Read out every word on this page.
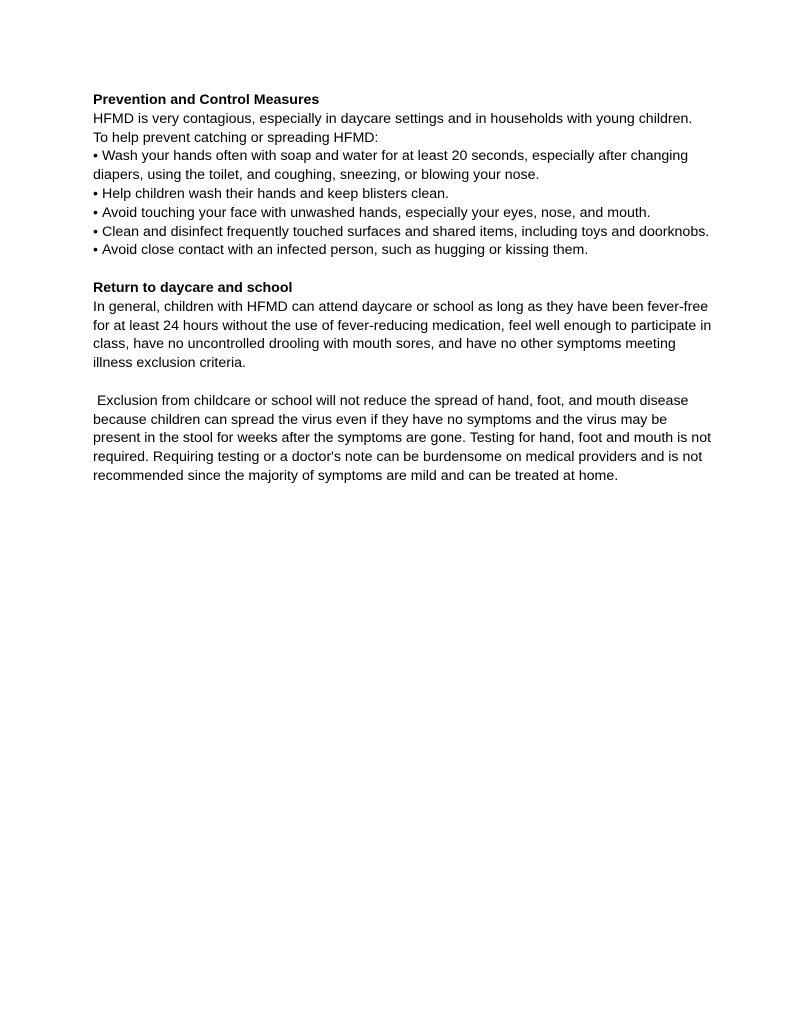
Prevention and Control Measures

HFMD is very contagious, especially in daycare settings and in households with young children.

To help prevent catching or spreading HFMD:

• Wash your hands often with soap and water for at least 20 seconds, especially after changing diapers, using the toilet, and coughing, sneezing, or blowing your nose.
• Help children wash their hands and keep blisters clean.
• Avoid touching your face with unwashed hands, especially your eyes, nose, and mouth.
• Clean and disinfect frequently touched surfaces and shared items, including toys and doorknobs.
• Avoid close contact with an infected person, such as hugging or kissing them.

Return to daycare and school

In general, children with HFMD can attend daycare or school as long as they have been fever-free for at least 24 hours without the use of fever-reducing medication, feel well enough to participate in class, have no uncontrolled drooling with mouth sores, and have no other symptoms meeting illness exclusion criteria.

Exclusion from childcare or school will not reduce the spread of hand, foot, and mouth disease because children can spread the virus even if they have no symptoms and the virus may be present in the stool for weeks after the symptoms are gone. Testing for hand, foot and mouth is not required. Requiring testing or a doctor's note can be burdensome on medical providers and is not recommended since the majority of symptoms are mild and can be treated at home.
